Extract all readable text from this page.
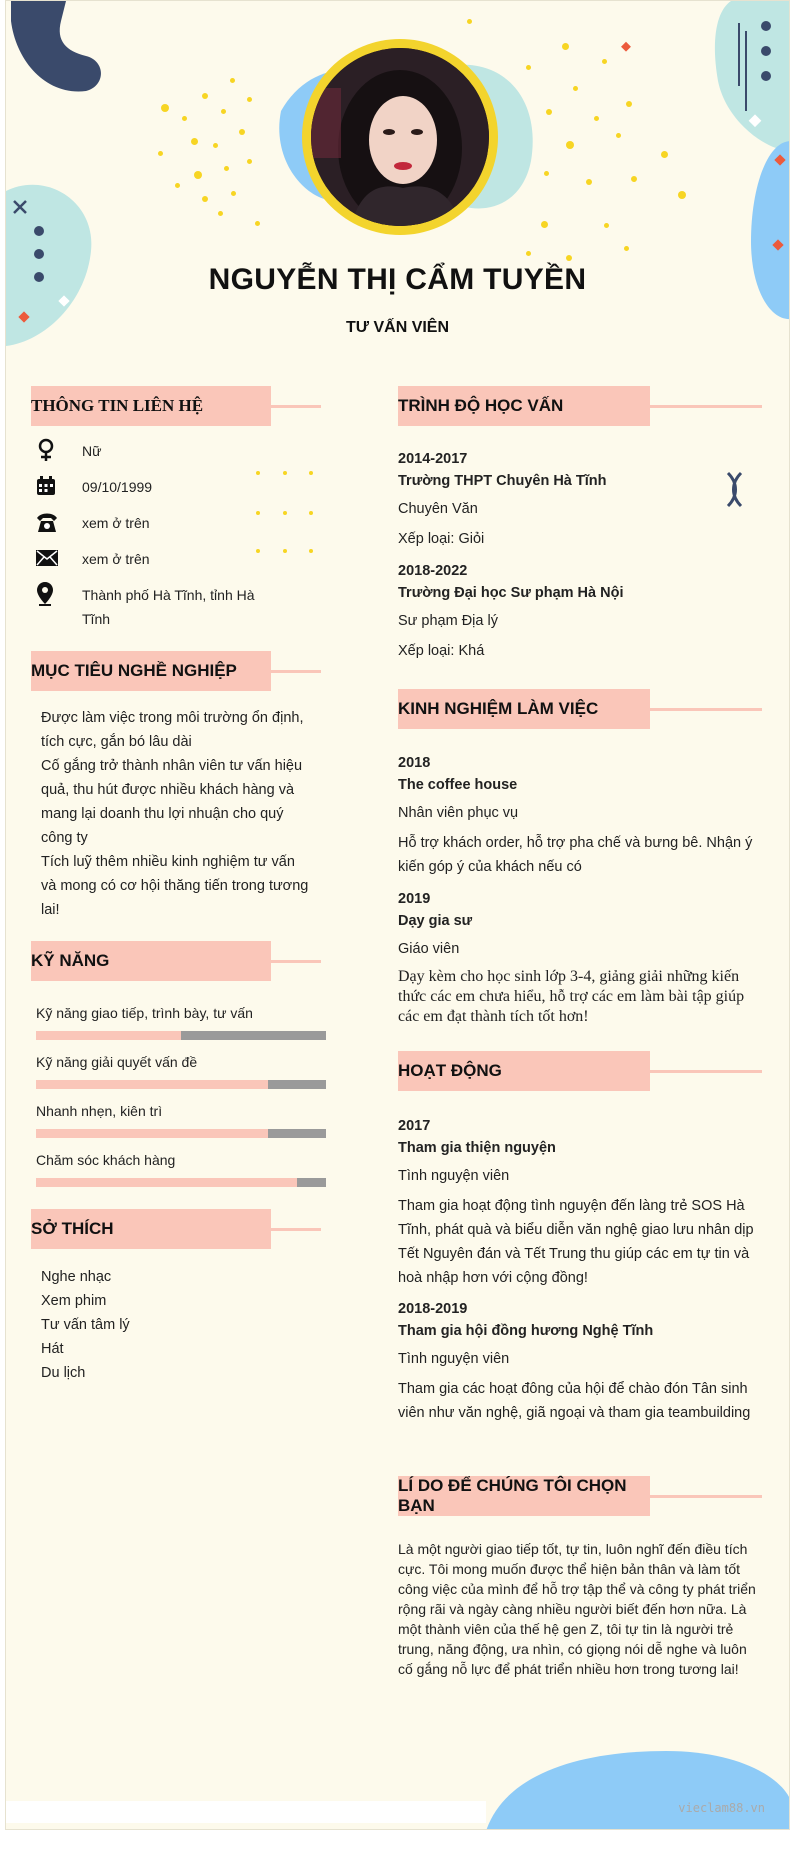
NGUYỄN THỊ CẨM TUYỀN
TƯ VẤN VIÊN
THÔNG TIN LIÊN HỆ
Nữ
09/10/1999
xem ở trên
xem ở trên
Thành phố Hà Tĩnh, tỉnh Hà Tĩnh
MỤC TIÊU NGHỀ NGHIỆP
Được làm việc trong môi trường ổn định, tích cực, gắn bó lâu dài
Cố gắng trở thành nhân viên tư vấn hiệu quả, thu hút được nhiều khách hàng và mang lại doanh thu lợi nhuận cho quý công ty
Tích luỹ thêm nhiều kinh nghiệm tư vấn và mong có cơ hội thăng tiến trong tương lai!
KỸ NĂNG
Kỹ năng giao tiếp, trình bày, tư vấn
Kỹ năng giải quyết vấn đề
Nhanh nhẹn, kiên trì
Chăm sóc khách hàng
SỞ THÍCH
Nghe nhạc
Xem phim
Tư vấn tâm lý
Hát
Du lịch
TRÌNH ĐỘ HỌC VẤN
2014-2017
Trường THPT Chuyên Hà Tĩnh
Chuyên Văn
Xếp loại: Giỏi
2018-2022
Trường Đại học Sư phạm Hà Nội
Sư phạm Địa lý
Xếp loại: Khá
KINH NGHIỆM LÀM VIỆC
2018
The coffee house
Nhân viên phục vụ
Hỗ trợ khách order, hỗ trợ pha chế và bưng bê. Nhận ý kiến góp ý của khách nếu có
2019
Dạy gia sư
Giáo viên
Dạy kèm cho học sinh lớp 3-4, giảng giải những kiến thức các em chưa hiểu, hỗ trợ các em làm bài tập giúp các em đạt thành tích tốt hơn!
HOẠT ĐỘNG
2017
Tham gia thiện nguyện
Tình nguyện viên
Tham gia hoạt động tình nguyện đến làng trẻ SOS Hà Tĩnh, phát quà và biểu diễn văn nghệ giao lưu nhân dịp Tết Nguyên đán và Tết Trung thu giúp các em tự tin và hoà nhập hơn với cộng đồng!
2018-2019
Tham gia hội đồng hương Nghệ Tĩnh
Tình nguyện viên
Tham gia các hoạt đông của hội để chào đón Tân sinh viên như văn nghệ, giã ngoại và tham gia teambuilding
LÍ DO ĐỂ CHÚNG TÔI CHỌN BẠN
Là một người giao tiếp tốt, tự tin, luôn nghĩ đến điều tích cực. Tôi mong muốn được thể hiện bản thân và làm tốt công việc của mình để hỗ trợ tập thể và công ty phát triển rộng rãi và ngày càng nhiều người biết đến hơn nữa. Là một thành viên của thế hệ gen Z, tôi tự tin là người trẻ trung, năng động, ưa nhìn, có giọng nói dễ nghe và luôn cố gắng nỗ lực để phát triển nhiều hơn trong tương lai!
vieclam88.vn
